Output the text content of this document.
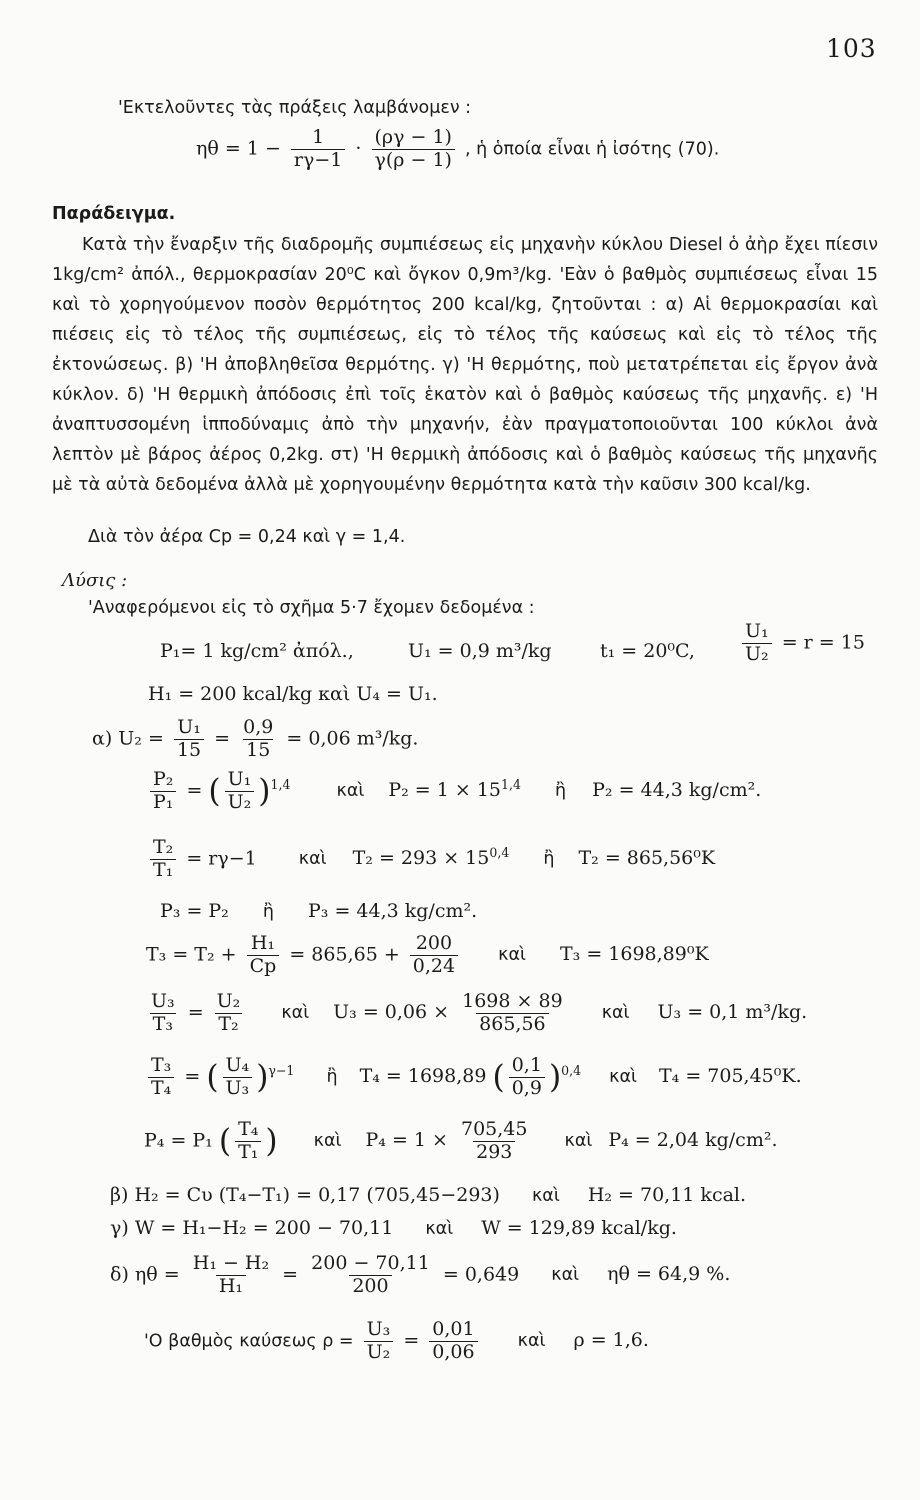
103
'Εκτελοῦντες τὰς πράξεις λαμβάνομεν :
$\eta\theta = 1 - \frac{1}{r\gamma-1} \cdot \frac{(\rho\gamma - 1)}{\gamma(\rho - 1)}$ , ἡ ὁποία εἶναι ἡ ἰσότης (70).
Παράδειγμα.
Κατὰ τὴν ἔναρξιν τῆς διαδρομῆς συμπιέσεως εἰς μηχανὴν κύκλου Diesel ὁ ἀὴρ ἔχει πίεσιν 1kg/cm² ἀπόλ., θερμοκρασίαν 20⁰C καὶ ὄγκον 0,9m³/kg. 'Εὰν ὁ βαθμὸς συμπιέσεως εἶναι 15 καὶ τὸ χορηγούμενον ποσὸν θερμότητος 200 kcal/kg, ζητοῦνται : α) Αἱ θερμοκρασίαι καὶ πιέσεις εἰς τὸ τέλος τῆς συμπιέσεως, εἰς τὸ τέλος τῆς καύσεως καὶ εἰς τὸ τέλος τῆς ἐκτονώσεως. β) 'Η ἀποβληθεῖσα θερμότης. γ) 'Η θερμότης, ποὺ μετατρέπεται εἰς ἔργον ἀνὰ κύκλον. δ) 'Η θερμικὴ ἀπόδοσις ἐπὶ τοῖς ἑκατὸν καὶ ὁ βαθμὸς καύσεως τῆς μηχανῆς. ε) 'Η ἀναπτυσσομένη ἱπποδύναμις ἀπὸ τὴν μηχανήν, ἐὰν πραγματοποιοῦνται 100 κύκλοι ἀνὰ λεπτὸν μὲ βάρος ἀέρος 0,2kg. στ) 'Η θερμικὴ ἀπόδοσις καὶ ὁ βαθμὸς καύσεως τῆς μηχανῆς μὲ τὰ αὐτὰ δεδομένα ἀλλὰ μὲ χορηγουμένην θερμότητα κατὰ τὴν καῦσιν 300 kcal/kg.
Διὰ τὸν ἀέρα Cp = 0,24 καὶ γ = 1,4.
Λύσις :
'Αναφερόμενοι εἰς τὸ σχῆμα 5·7 ἔχομεν δεδομένα :
P₁= 1 kg/cm² ἀπόλ.,	U₁ = 0,9 m³/kg	t₁ = 20⁰C, $\frac{\text{U₁}}{\text{U₂}} = r = 15$
H₁ = 200 kcal/kg καὶ U₄ = U₁.
α) $U_2 = \frac{\text{U₁}}{15} = \frac{0,9}{15} = 0,06$ m³/kg.
$\frac{\text{P₂}}{\text{P₁}}$ = ( $\frac{\text{U₁}}{\text{U₂}} )^{1,4}$	καὶ $P_2 = 1 \times 15^{1,4}$ ἢ P₂ = 44,3 kg/cm².
$\frac{\text{T₂}}{\text{T₁}} = r\gamma-1$ καὶ $T_2 = 293 \times 15^{0,4}$ ἢ T₂ = 865,56⁰K
P₃ = P₂ ἢ P₃ = 44,3 kg/cm².
$T_3 = T_2 + \frac{\text{H₁}}{Cp} = 865,65 + \frac{200}{0,24}$ καὶ T₃ = 1698,89⁰K
$\frac{\text{U₃}}{\text{T₃}} = \frac{\text{U₂}}{\text{T₂}}$ καὶ $U_3 = 0,06 \times \frac{1698 \times 89}{865,56}$ καὶ U₃ = 0,1 m³/kg.
$\frac{\text{T₃}}{\text{T₄}}$ = ( $\frac{\text{U₄}}{\text{U₃}} )^{\gamma-1}$ ἢ T₄ = 1698,89 ( $\frac{0,1}{0,9} )^{0,4}$ καὶ T₄ = 705,45⁰K.
P₄ = P₁ ( $\frac{\text{T₄}}{\text{T₁}}$ ) καὶ $P_4 = 1 \times \frac{705,45}{293}$ καὶ P₄ = 2,04 kg/cm².
β) H₂ = Cυ (T₄−T₁) = 0,17 (705,45−293) καὶ H₂ = 70,11 kcal.
γ) W = H₁−H₂ = 200 − 70,11 καὶ W = 129,89 kcal/kg.
δ) $\eta\theta = \frac{\text{H₁ − H₂}}{\text{H₁}} = \frac{200 - 70,11}{200} = 0,649$ καὶ ηθ = 64,9 %.
'Ο βαθμὸς καύσεως $\rho = \frac{\text{U₃}}{\text{U₂}} = \frac{0,01}{0,06}$ καὶ ρ = 1,6.
